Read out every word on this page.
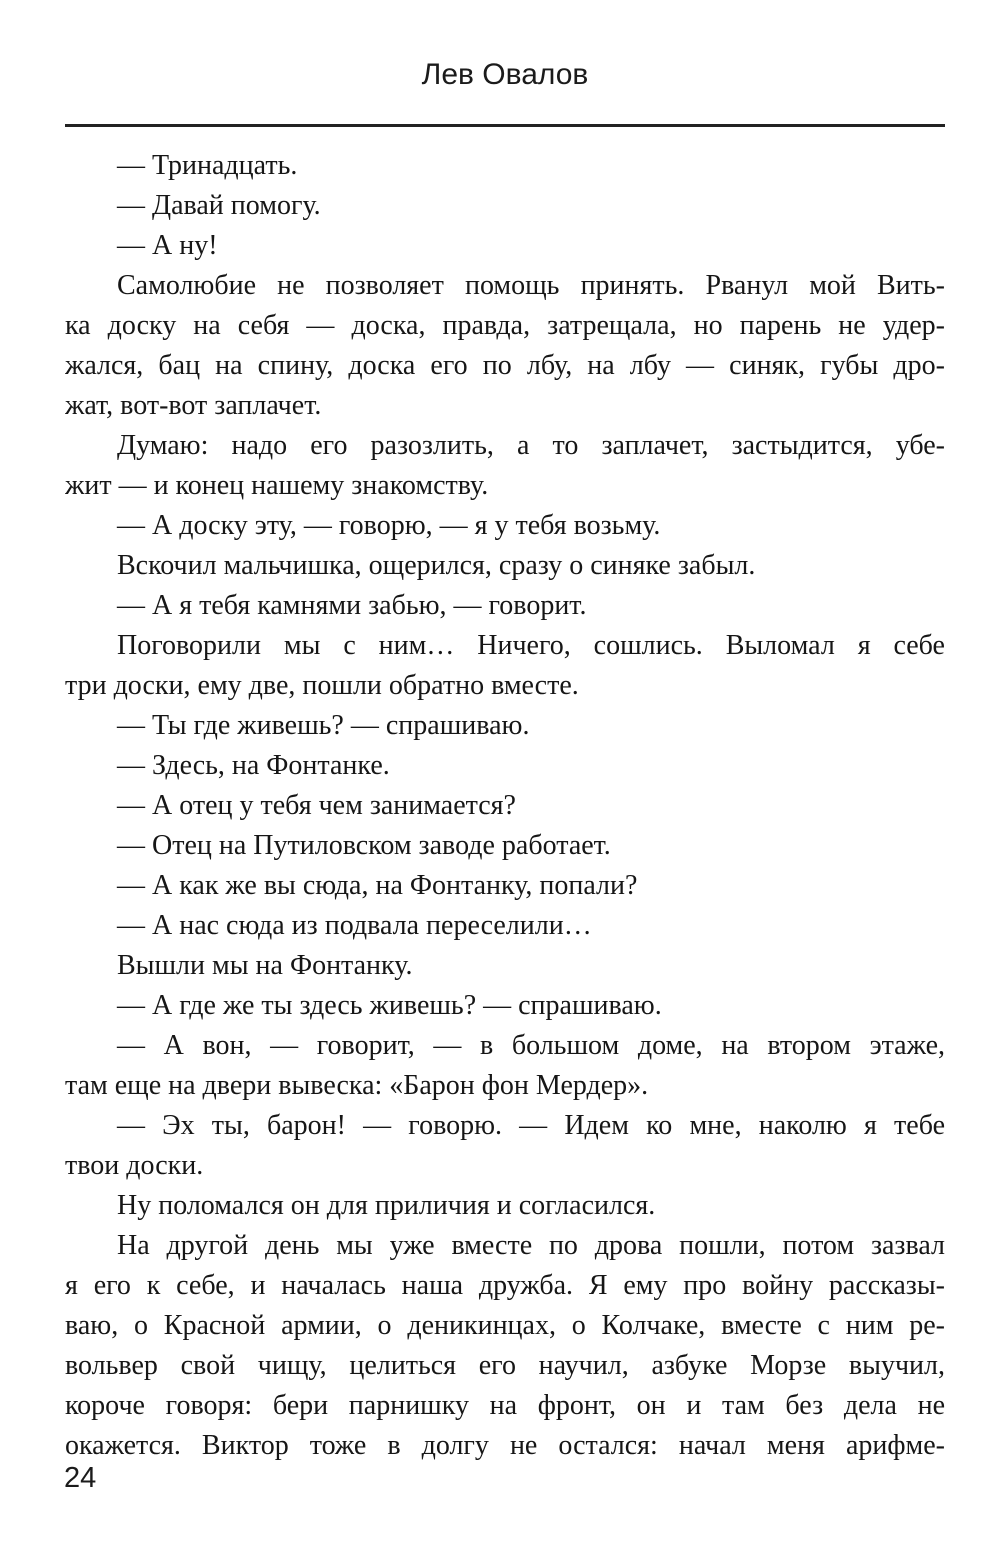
Лев Овалов
— Тринадцать.
— Давай помогу.
— А ну!
Самолюбие не позволяет помощь принять. Рванул мой Вить-
ка доску на себя — доска, правда, затрещала, но парень не удер-
жался, бац на спину, доска его по лбу, на лбу — синяк, губы дро-
жат, вот-вот заплачет.
Думаю: надо его разозлить, а то заплачет, застыдится, убе-
жит — и конец нашему знакомству.
— А доску эту, — говорю, — я у тебя возьму.
Вскочил мальчишка, ощерился, сразу о синяке забыл.
— А я тебя камнями забью, — говорит.
Поговорили мы с ним… Ничего, сошлись. Выломал я себе
три доски, ему две, пошли обратно вместе.
— Ты где живешь? — спрашиваю.
— Здесь, на Фонтанке.
— А отец у тебя чем занимается?
— Отец на Путиловском заводе работает.
— А как же вы сюда, на Фонтанку, попали?
— А нас сюда из подвала переселили…
Вышли мы на Фонтанку.
— А где же ты здесь живешь? — спрашиваю.
— А вон, — говорит, — в большом доме, на втором этаже,
там еще на двери вывеска: «Барон фон Мердер».
— Эх ты, барон! — говорю. — Идем ко мне, наколю я тебе
твои доски.
Ну поломался он для приличия и согласился.
На другой день мы уже вместе по дрова пошли, потом зазвал
я его к себе, и началась наша дружба. Я ему про войну рассказы-
ваю, о Красной армии, о деникинцах, о Колчаке, вместе с ним ре-
вольвер свой чищу, целиться его научил, азбуке Морзе выучил,
короче говоря: бери парнишку на фронт, он и там без дела не
окажется. Виктор тоже в долгу не остался: начал меня арифме-
24
